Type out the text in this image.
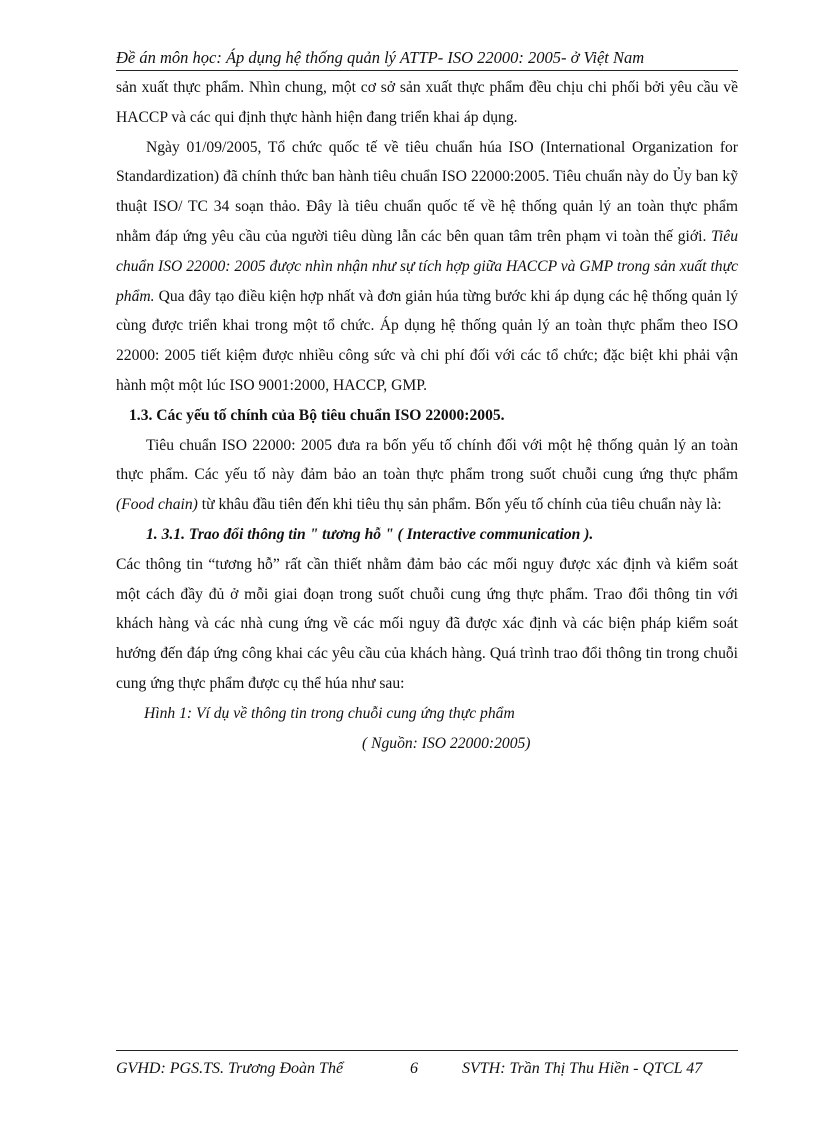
Đề án môn học: Áp dụng hệ thống quản lý ATTP- ISO 22000: 2005- ở Việt Nam

sản xuất thực phẩm. Nhìn chung, một cơ sở sản xuất thực phẩm đều chịu chi phối bởi yêu cầu về HACCP và các qui định thực hành hiện đang triển khai áp dụng.

Ngày 01/09/2005, Tổ chức quốc tế về tiêu chuẩn húa ISO (International Organization for Standardization) đã chính thức ban hành tiêu chuẩn ISO 22000:2005. Tiêu chuẩn này do Ủy ban kỹ thuật ISO/ TC 34 soạn thảo. Đây là tiêu chuẩn quốc tế về hệ thống quản lý an toàn thực phẩm nhằm đáp ứng yêu cầu của người tiêu dùng lẫn các bên quan tâm trên phạm vi toàn thế giới. Tiêu chuẩn ISO 22000: 2005 được nhìn nhận như sự tích hợp giữa HACCP và GMP trong sản xuất thực phẩm. Qua đây tạo điều kiện hợp nhất và đơn giản húa từng bước khi áp dụng các hệ thống quản lý cùng được triển khai trong một tổ chức. Áp dụng hệ thống quản lý an toàn thực phẩm theo ISO 22000: 2005 tiết kiệm được nhiều công sức và chi phí đối với các tổ chức; đặc biệt khi phải vận hành một một lúc ISO 9001:2000, HACCP, GMP.

1.3. Các yếu tố chính của Bộ tiêu chuẩn ISO 22000:2005.

Tiêu chuẩn ISO 22000: 2005 đưa ra bốn yếu tố chính đối với một hệ thống quản lý an toàn thực phẩm. Các yếu tố này đảm bảo an toàn thực phẩm trong suốt chuỗi cung ứng thực phẩm (Food chain) từ khâu đầu tiên đến khi tiêu thụ sản phẩm. Bốn yếu tố chính của tiêu chuẩn này là:

1. 3.1. Trao đổi thông tin " tương hỗ " ( Interactive communication ).

Các thông tin “tương hỗ” rất cần thiết nhằm đảm bảo các mối nguy được xác định và kiểm soát một cách đầy đủ ở mỗi giai đoạn trong suốt chuỗi cung ứng thực phẩm. Trao đổi thông tin với khách hàng và các nhà cung ứng về các mối nguy đã được xác định và các biện pháp kiểm soát hướng đến đáp ứng công khai các yêu cầu của khách hàng. Quá trình trao đổi thông tin trong chuỗi cung ứng thực phẩm được cụ thể húa như sau:

Hình 1: Ví dụ về thông tin trong chuỗi cung ứng thực phẩm

( Nguồn: ISO 22000:2005)

GVHD: PGS.TS. Trương Đoàn Thể	6	SVTH: Trần Thị Thu Hiền - QTCL 47
